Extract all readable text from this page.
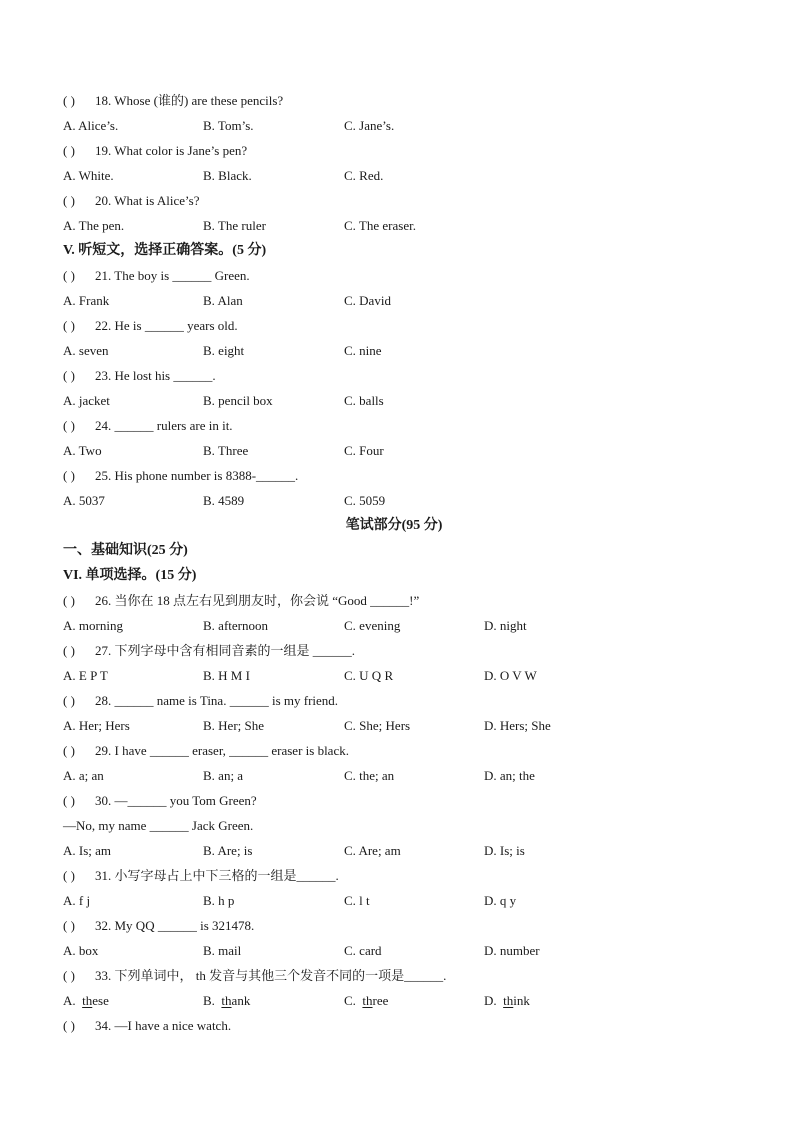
( ) 18. Whose (谁的) are these pencils?
A. Alice’s.	B. Tom’s.	C. Jane’s.
( ) 19. What color is Jane’s pen?
A. White.	B. Black.	C. Red.
( ) 20. What is Alice’s?
A. The pen.	B. The ruler	C. The eraser.
V. 听短文，选择正确答案。(5 分)
( ) 21. The boy is ______ Green.
A. Frank	B. Alan	C. David
( ) 22. He is ______ years old.
A. seven	B. eight	C. nine
( ) 23. He lost his ______.
A. jacket	B. pencil box	C. balls
( ) 24. ______ rulers are in it.
A. Two	B. Three	C. Four
( ) 25. His phone number is 8388-______.
A. 5037	B. 4589	C. 5059
笔试部分(95 分)
一、基础知识(25 分)
VI. 单项选择。(15 分)
( ) 26. 当你在 18 点左右见到朋友时，你会说 “Good ______!”
A. morning	B. afternoon	C. evening	D. night
( ) 27. 下列字母中含有相同音素的一组是 ______.
A. E P T	B. H M I	C. U Q R	D. O V W
( ) 28. ______ name is Tina. ______ is my friend.
A. Her; Hers	B. Her; She	C. She; Hers	D. Hers; She
( ) 29. I have ______ eraser, ______ eraser is black.
A. a; an	B. an; a	C. the; an	D. an; the
( ) 30. —______ you Tom Green?
—No, my name ______ Jack Green.
A. Is; am	B. Are; is	C. Are; am	D. Is; is
( ) 31. 小写字母占上中下三格的一组是______.
A. f j	B. h p	C. l t	D. q y
( ) 32. My QQ ______ is 321478.
A. box	B. mail	C. card	D. number
( ) 33. 下列单词中， th 发音与其他三个发音不同的一项是______.
A.  these	B.  thank	C.  three	D.  think
( ) 34. —I have a nice watch.
